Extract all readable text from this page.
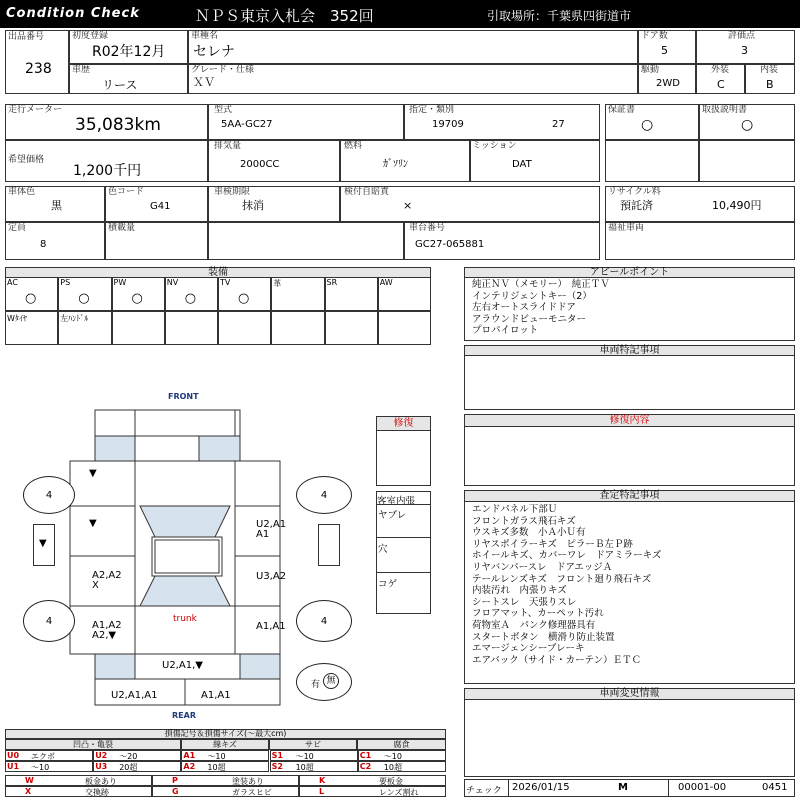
Condition Check	ＮＰＳ東京入札会　352回	引取場所：千葉県四街道市
出品番号
238
初度登録
R02年12月
車種名
セレナ
ドア数
5
評価点
3
車歴
リース
グレード・仕様
ＸＶ
駆動
2WD
外装
C
内装
B
走行メーター
35,083km
型式
5AA-GC27
指定・類別
19709	27
保証書
○
取扱説明書
○
希望価格
1,200千円
排気量
2000CC
燃料
ｶﾞｿﾘﾝ
ミッション
DAT
車体色
黒
色コード
G41
車検期限
抹消
検付自賠責
×
リサイクル料
預託済	10,490円
定員
8
積載量	車台番号
GC27-065881
福祉車両
装備
AC
○
PS
○
PW
○
NV
○
TV
○
革	SR	AW
Wﾀｲﾔ	左ﾊﾝﾄﾞﾙ
アピールポイント
純正ＮＶ（メモリー）　純正ＴＶ
インテリジェントキー（2）
左右オートスライドドア
アラウンドビューモニター
プロパイロット
車両特記事項
修復内容
査定特記事項
エンドパネル下部Ｕ
フロントガラス飛石キズ
ウスキズ多数　小Ａ小Ｕ有
リヤスポイラーキズ　ピラーＢ左Ｐ跡
ホイールキズ、カバーワレ　ドアミラーキズ
リヤバンパースレ　ドアエッジＡ
テールレンズキズ　フロント廻り飛石キズ
内装汚れ　内張りキズ
シートスレ　天張りスレ
フロアマット、カーペット汚れ
荷物室Ａ　パンク修理器具有
スタートボタン　横滑り防止装置
エマージェンシーブレーキ
エアバック（サイド・カーテン）ＥＴＣ
車両変更情報
修復
客室内張
ヤブレ
穴
コゲ
FRONT
REAR
4	4
4	4
▼
▼
▼
A2,A2
X
A1,A2
A2,▼
U2,A1
A1
U3,A2
A1,A1
trunk
U2,A1,▼
U2,A1,A1	A1,A1
有 無
損傷記号＆損傷サイズ(〜最大cm)
凹凸・亀裂	線キズ	サビ	腐食
U0 エクボ	U2 〜20	A1 〜10	S1 〜10	C1 〜10
U1 〜10	U3 20超	A2 10超	S2 10超	C2 10超
W	板金あり	P	塗装あり	K	要板金
X	交換跡	G	ガラスヒビ	L	レンズ割れ	チェック 2026/01/15	M	00001-00	0451
